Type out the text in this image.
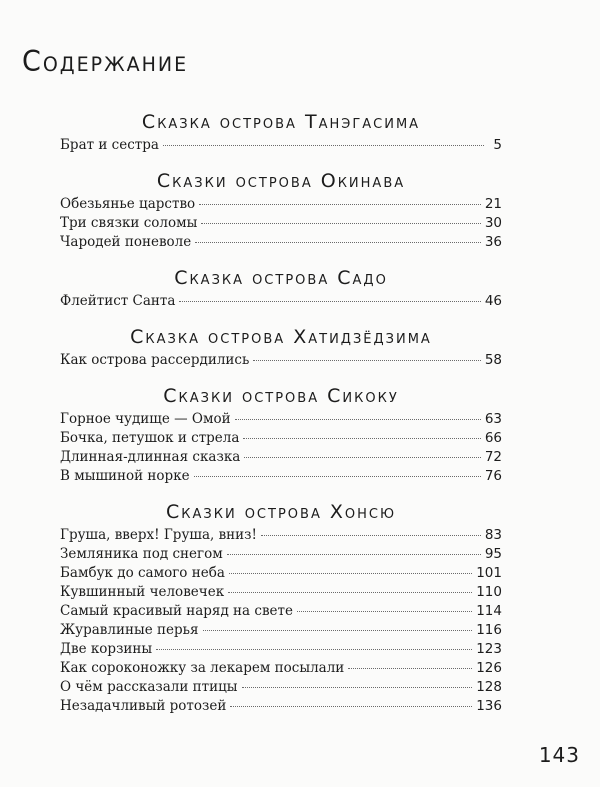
Содержание
Сказка острова Танэгасима
Брат и сестра	5
Сказки острова Окинава
Обезьянье царство	21
Три связки соломы	30
Чародей поневоле	36
Сказка острова Садо
Флейтист Санта	46
Сказка острова Хатидзёдзима
Как острова рассердились	58
Сказки острова Сикоку
Горное чудище — Омой	63
Бочка, петушок и стрела	66
Длинная-длинная сказка	72
В мышиной норке	76
Сказки острова Хонсю
Груша, вверх! Груша, вниз!	83
Земляника под снегом	95
Бамбук до самого неба	101
Кувшинный человечек	110
Самый красивый наряд на свете	114
Журавлиные перья	116
Две корзины	123
Как сороконожку за лекарем посылали	126
О чём рассказали птицы	128
Незадачливый ротозей	136
143
